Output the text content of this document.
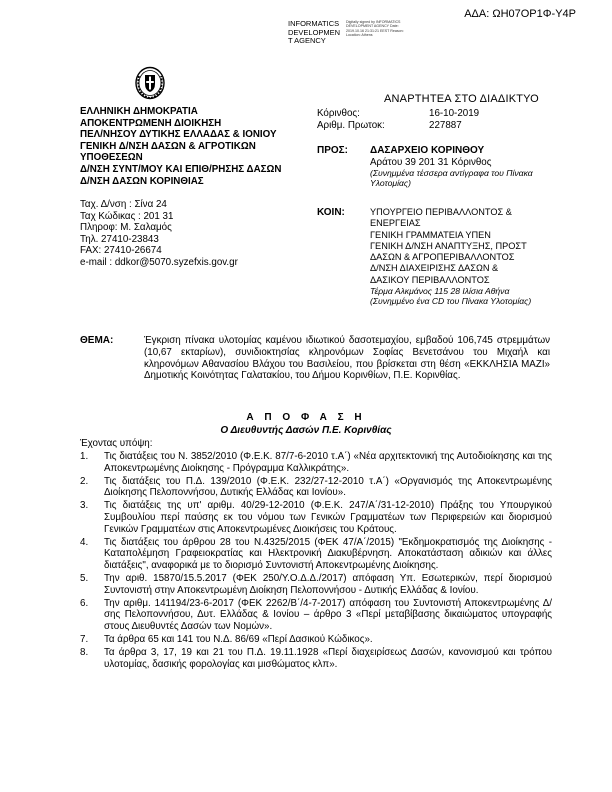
ΑΔΑ: ΩΗ07ΟΡ1Φ-Υ4Ρ
INFORMATICS
DEVELOPMEN
T AGENCY
Digitally signed by INFORMATICS DEVELOPMENT AGENCY Date: 2019.10.16 21:31:21 EEST Reason: Location: Athens
ΕΛΛΗΝΙΚΗ ΔΗΜΟΚΡΑΤΙΑ
ΑΠΟΚΕΝΤΡΩΜΕΝΗ ΔΙΟΙΚΗΣΗ
ΠΕΛ/ΝΗΣΟΥ ΔΥΤΙΚΗΣ ΕΛΛΑΔΑΣ & ΙΟΝΙΟΥ
ΓΕΝΙΚΗ Δ/ΝΣΗ ΔΑΣΩΝ & ΑΓΡΟΤΙΚΩΝ
ΥΠΟΘΕΣΕΩΝ
Δ/ΝΣΗ ΣΥΝΤ/ΜΟΥ ΚΑΙ ΕΠΙΘ/ΡΗΣΗΣ ΔΑΣΩΝ
Δ/ΝΣΗ ΔΑΣΩΝ ΚΟΡΙΝΘΙΑΣ
Ταχ. Δ/νση : Σίνα 24
Ταχ Κώδικας : 201 31
Πληροφ: Μ. Σαλαμός
Τηλ. 27410-23843
FAX: 27410-26674
e-mail : ddkor@5070.syzefxis.gov.gr
ΑΝΑΡΤΗΤΕΑ ΣΤΟ ΔΙΑΔΙΚΤΥΟ
Κόρινθος:	16-10-2019
Αριθμ. Πρωτοκ:	227887
ΠΡΟΣ: ΔΑΣΑΡΧΕΙΟ ΚΟΡΙΝΘΟΥ
Αράτου 39 201 31 Κόρινθος
(Συνημμένα τέσσερα αντίγραφα του Πίνακα Υλοτομίας)
ΚΟΙΝ:	ΥΠΟΥΡΓΕΙΟ ΠΕΡΙΒΑΛΛΟΝΤΟΣ & ΕΝΕΡΓΕΙΑΣ
ΓΕΝΙΚΗ ΓΡΑΜΜΑΤΕΙΑ ΥΠΕΝ
ΓΕΝΙΚΗ Δ/ΝΣΗ ΑΝΑΠΤΥΞΗΣ, ΠΡΟΣΤ ΔΑΣΩΝ & ΑΓΡΟΠΕΡΙΒΑΛΛΟΝΤΟΣ
Δ/ΝΣΗ ΔΙΑΧΕΙΡΙΣΗΣ ΔΑΣΩΝ & ΔΑΣΙΚΟΥ ΠΕΡΙΒΑΛΛΟΝΤΟΣ
Τέρμα Αλκμάνος 115 28 Ιλίσια Αθήνα
(Συνημμένο ένα CD του Πίνακα Υλοτομίας)
ΘΕΜΑ:	Έγκριση πίνακα υλοτομίας καμένου ιδιωτικού δασοτεμαχίου, εμβαδού 106,745 στρεμμάτων (10,67 εκταρίων), συνιδιοκτησίας κληρονόμων Σοφίας Βενετσάνου του Μιχαήλ και κληρονόμων Αθανασίου Βλάχου του Βασιλείου, που βρίσκεται στη θέση «ΕΚΚΛΗΣΙΑ ΜΑΖΙ» Δημοτικής Κοινότητας Γαλατακίου, του Δήμου Κορινθίων, Π.Ε. Κορινθίας.
Α Π Ο Φ Α Σ Η
Ο Διευθυντής Δασών Π.Ε. Κορινθίας
Έχοντας υπόψη:
1. Τις διατάξεις του Ν. 3852/2010 (Φ.Ε.Κ. 87/7-6-2010 τ.Α΄) «Νέα αρχιτεκτονική της Αυτοδιοίκησης και της Αποκεντρωμένης Διοίκησης - Πρόγραμμα Καλλικράτης».
2. Τις διατάξεις του Π.Δ. 139/2010 (Φ.Ε.Κ. 232/27-12-2010 τ.Α΄) «Οργανισμός της Αποκεντρωμένης Διοίκησης Πελοποννήσου, Δυτικής Ελλάδας και Ιονίου».
3. Τις διατάξεις της υπ' αριθμ. 40/29-12-2010 (Φ.Ε.Κ. 247/Α΄/31-12-2010) Πράξης του Υπουργικού Συμβουλίου περί παύσης εκ του νόμου των Γενικών Γραμματέων των Περιφερειών και διορισμού Γενικών Γραμματέων στις Αποκεντρωμένες Διοικήσεις του Κράτους.
4. Τις διατάξεις του άρθρου 28 του Ν.4325/2015 (ΦΕΚ 47/Α΄/2015) "Εκδημοκρατισμός της Διοίκησης - Καταπολέμηση Γραφειοκρατίας και Ηλεκτρονική Διακυβέρνηση. Αποκατάσταση αδικιών και άλλες διατάξεις", αναφορικά με το διορισμό Συντονιστή Αποκεντρωμένης Διοίκησης.
5. Την αριθ. 15870/15.5.2017 (ΦΕΚ 250/Υ.Ο.Δ.Δ./2017) απόφαση Υπ. Εσωτερικών, περί διορισμού Συντονιστή στην Αποκεντρωμένη Διοίκηση Πελοποννήσου - Δυτικής Ελλάδας & Ιονίου.
6. Την αριθμ. 141194/23-6-2017 (ΦΕΚ 2262/Β΄/4-7-2017) απόφαση του Συντονιστή Αποκεντρωμένης Δ/σης Πελοποννήσου, Δυτ. Ελλάδας & Ιονίου – άρθρο 3 «Περί μεταβίβασης δικαιώματος υπογραφής στους Διευθυντές Δασών των Νομών».
7. Τα άρθρα 65 και 141 του Ν.Δ. 86/69 «Περί Δασικού Κώδικος».
8. Τα άρθρα 3, 17, 19 και 21 του Π.Δ. 19.11.1928 «Περί διαχειρίσεως Δασών, κανονισμού και τρόπου υλοτομίας, δασικής φορολογίας και μισθώματος κλπ».
